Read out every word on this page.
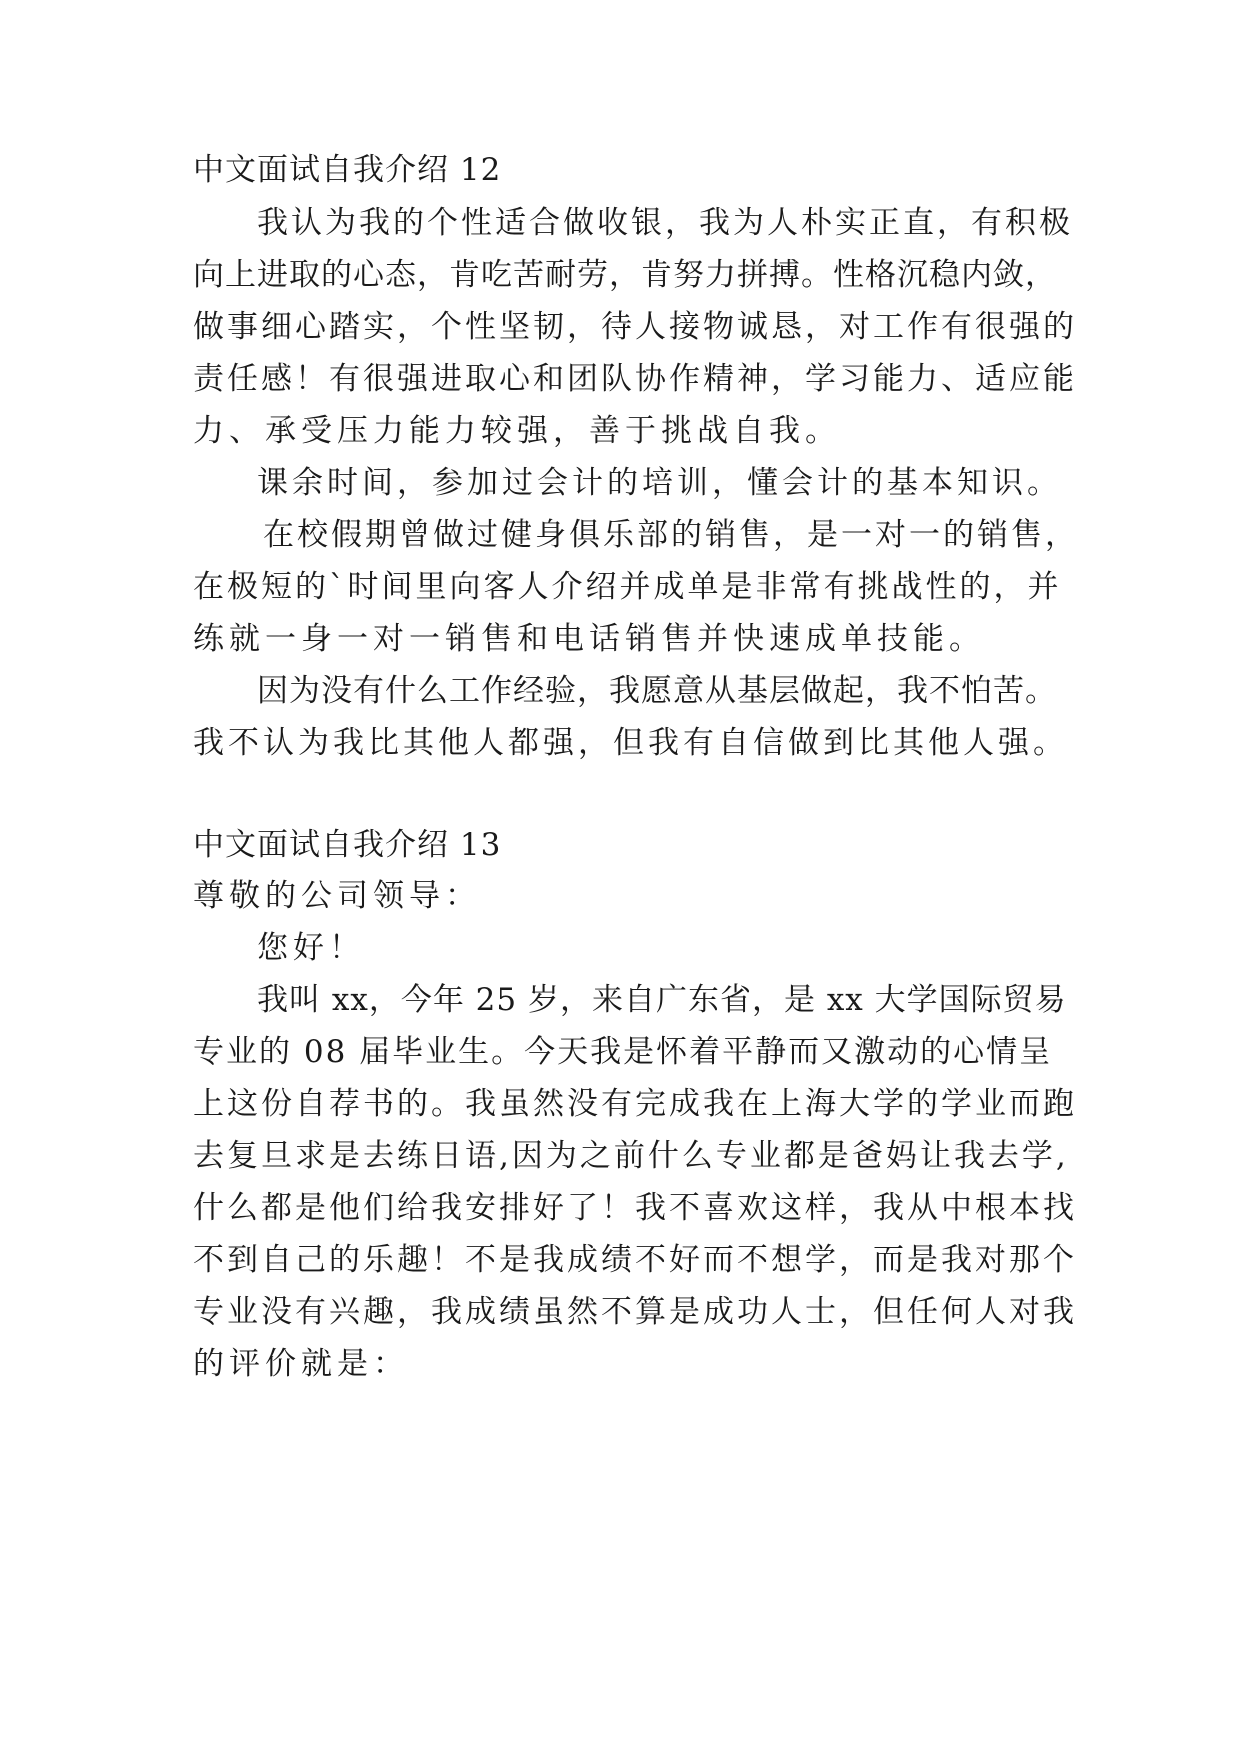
中文面试自我介绍 12
我认为我的个性适合做收银，我为人朴实正直，有积极
向上进取的心态，肯吃苦耐劳，肯努力拼搏。性格沉稳内敛，
做事细心踏实，个性坚韧，待人接物诚恳，对工作有很强的
责任感！有很强进取心和团队协作精神，学习能力、适应能
力、承受压力能力较强，善于挑战自我。
课余时间，参加过会计的培训，懂会计的基本知识。
在校假期曾做过健身俱乐部的销售，是一对一的销售，
在极短的`时间里向客人介绍并成单是非常有挑战性的，并
练就一身一对一销售和电话销售并快速成单技能。
因为没有什么工作经验，我愿意从基层做起，我不怕苦。
我不认为我比其他人都强，但我有自信做到比其他人强。
中文面试自我介绍 13
尊敬的公司领导：
您好！
我叫 xx，今年 25 岁，来自广东省，是 xx 大学国际贸易
专业的 08 届毕业生。今天我是怀着平静而又激动的心情呈
上这份自荐书的。我虽然没有完成我在上海大学的学业而跑
去复旦求是去练日语,因为之前什么专业都是爸妈让我去学,
什么都是他们给我安排好了！我不喜欢这样，我从中根本找
不到自己的乐趣！不是我成绩不好而不想学，而是我对那个
专业没有兴趣，我成绩虽然不算是成功人士，但任何人对我
的评价就是：
